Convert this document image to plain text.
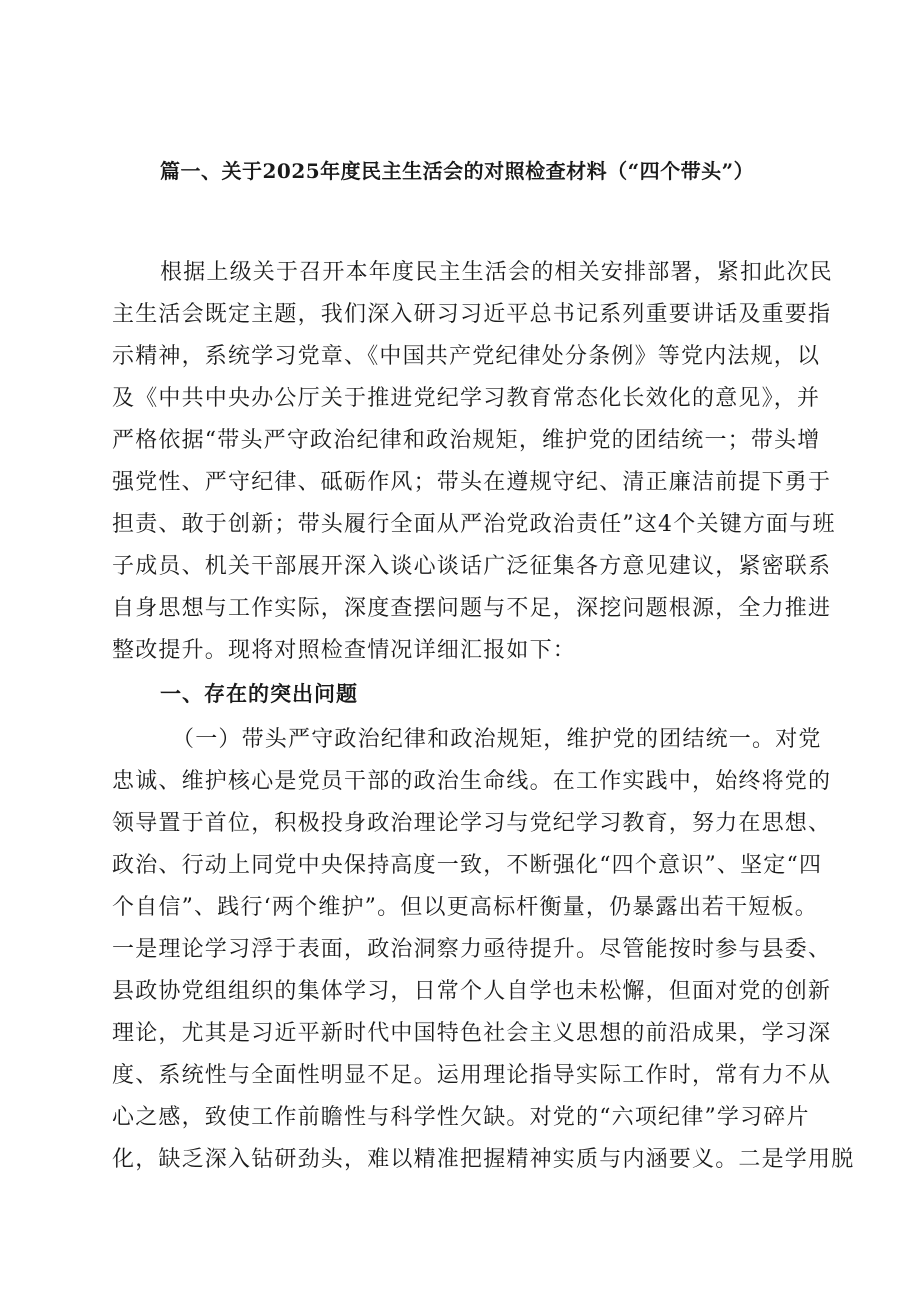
篇一、关于2025年度民主生活会的对照检查材料（“四个带头”）
根据上级关于召开本年度民主生活会的相关安排部署，紧扣此次民
主生活会既定主题，我们深入研习习近平总书记系列重要讲话及重要指
示精神，系统学习党章、《中国共产党纪律处分条例》等党内法规，以
及《中共中央办公厅关于推进党纪学习教育常态化长效化的意见》，并
严格依据“带头严守政治纪律和政治规矩，维护党的团结统一；带头增
强党性、严守纪律、砥砺作风；带头在遵规守纪、清正廉洁前提下勇于
担责、敢于创新；带头履行全面从严治党政治责任”这4个关键方面与班
子成员、机关干部展开深入谈心谈话广泛征集各方意见建议，紧密联系
自身思想与工作实际，深度查摆问题与不足，深挖问题根源，全力推进
整改提升。现将对照检查情况详细汇报如下：
一、存在的突出问题
（一）带头严守政治纪律和政治规矩，维护党的团结统一。对党
忠诚、维护核心是党员干部的政治生命线。在工作实践中，始终将党的
领导置于首位，积极投身政治理论学习与党纪学习教育，努力在思想、
政治、行动上同党中央保持高度一致，不断强化“四个意识”、坚定“四
个自信”、践行‘两个维护”。但以更高标杆衡量，仍暴露出若干短板。
一是理论学习浮于表面，政治洞察力亟待提升。尽管能按时参与县委、
县政协党组组织的集体学习，日常个人自学也未松懈，但面对党的创新
理论，尤其是习近平新时代中国特色社会主义思想的前沿成果，学习深
度、系统性与全面性明显不足。运用理论指导实际工作时，常有力不从
心之感，致使工作前瞻性与科学性欠缺。对党的“六项纪律”学习碎片
化，缺乏深入钻研劲头，难以精准把握精神实质与内涵要义。二是学用脱
